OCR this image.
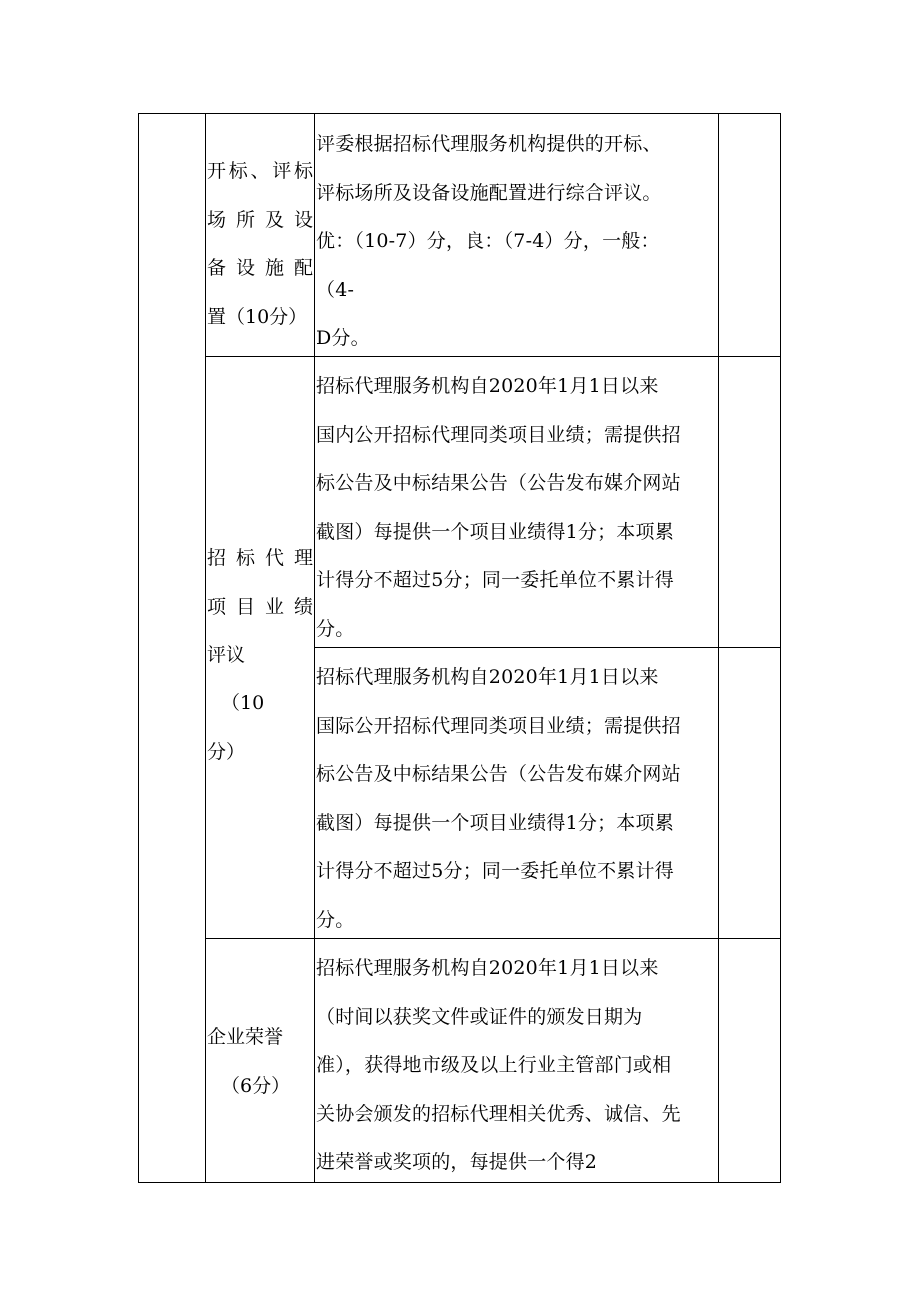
开标、评标
场所及设
备设施配
置（10分）
评委根据招标代理服务机构提供的开标、
评标场所及设备设施配置进行综合评议。
优：（10-7）分，良：（7-4）分，一般：
（4-
D分。
招标代理
项目业绩
评议
（10
分）
招标代理服务机构自2020年1月1日以来
国内公开招标代理同类项目业绩；需提供招
标公告及中标结果公告（公告发布媒介网站
截图）每提供一个项目业绩得1分；本项累
计得分不超过5分；同一委托单位不累计得
分。
招标代理服务机构自2020年1月1日以来
国际公开招标代理同类项目业绩；需提供招
标公告及中标结果公告（公告发布媒介网站
截图）每提供一个项目业绩得1分；本项累
计得分不超过5分；同一委托单位不累计得
分。
企业荣誉
（6分）
招标代理服务机构自2020年1月1日以来
（时间以获奖文件或证件的颁发日期为
准），获得地市级及以上行业主管部门或相
关协会颁发的招标代理相关优秀、诚信、先
进荣誉或奖项的，每提供一个得2
